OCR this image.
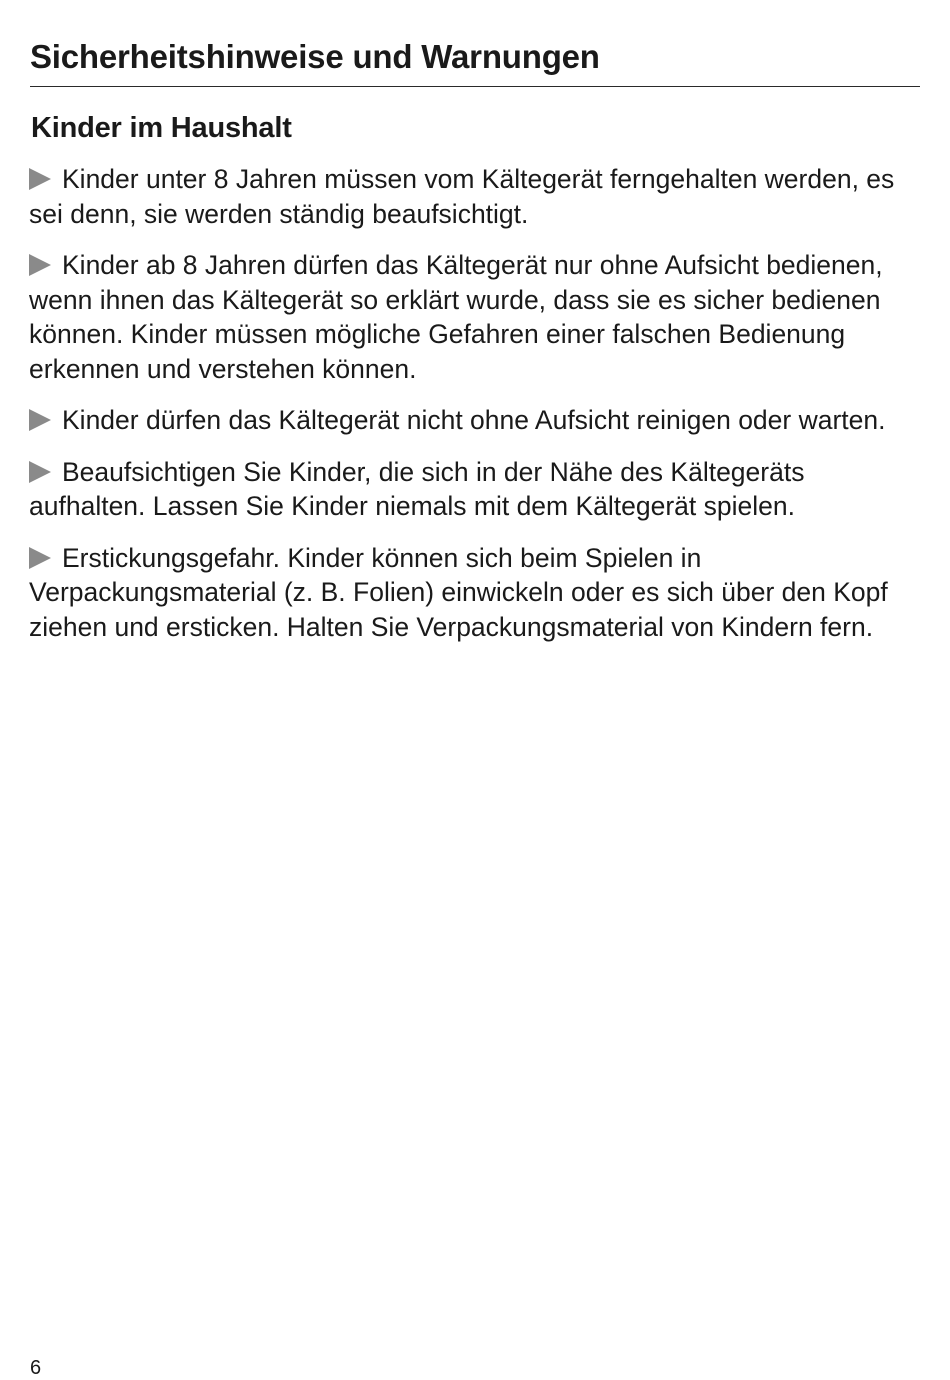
Sicherheitshinweise und Warnungen
Kinder im Haushalt
Kinder unter 8 Jahren müssen vom Kältegerät ferngehalten werden, es sei denn, sie werden ständig beaufsichtigt.
Kinder ab 8 Jahren dürfen das Kältegerät nur ohne Aufsicht bedienen, wenn ihnen das Kältegerät so erklärt wurde, dass sie es sicher bedienen können. Kinder müssen mögliche Gefahren einer falschen Bedienung erkennen und verstehen können.
Kinder dürfen das Kältegerät nicht ohne Aufsicht reinigen oder warten.
Beaufsichtigen Sie Kinder, die sich in der Nähe des Kältegeräts aufhalten. Lassen Sie Kinder niemals mit dem Kältegerät spielen.
Erstickungsgefahr. Kinder können sich beim Spielen in Verpackungsmaterial (z. B. Folien) einwickeln oder es sich über den Kopf ziehen und ersticken. Halten Sie Verpackungsmaterial von Kindern fern.
6
